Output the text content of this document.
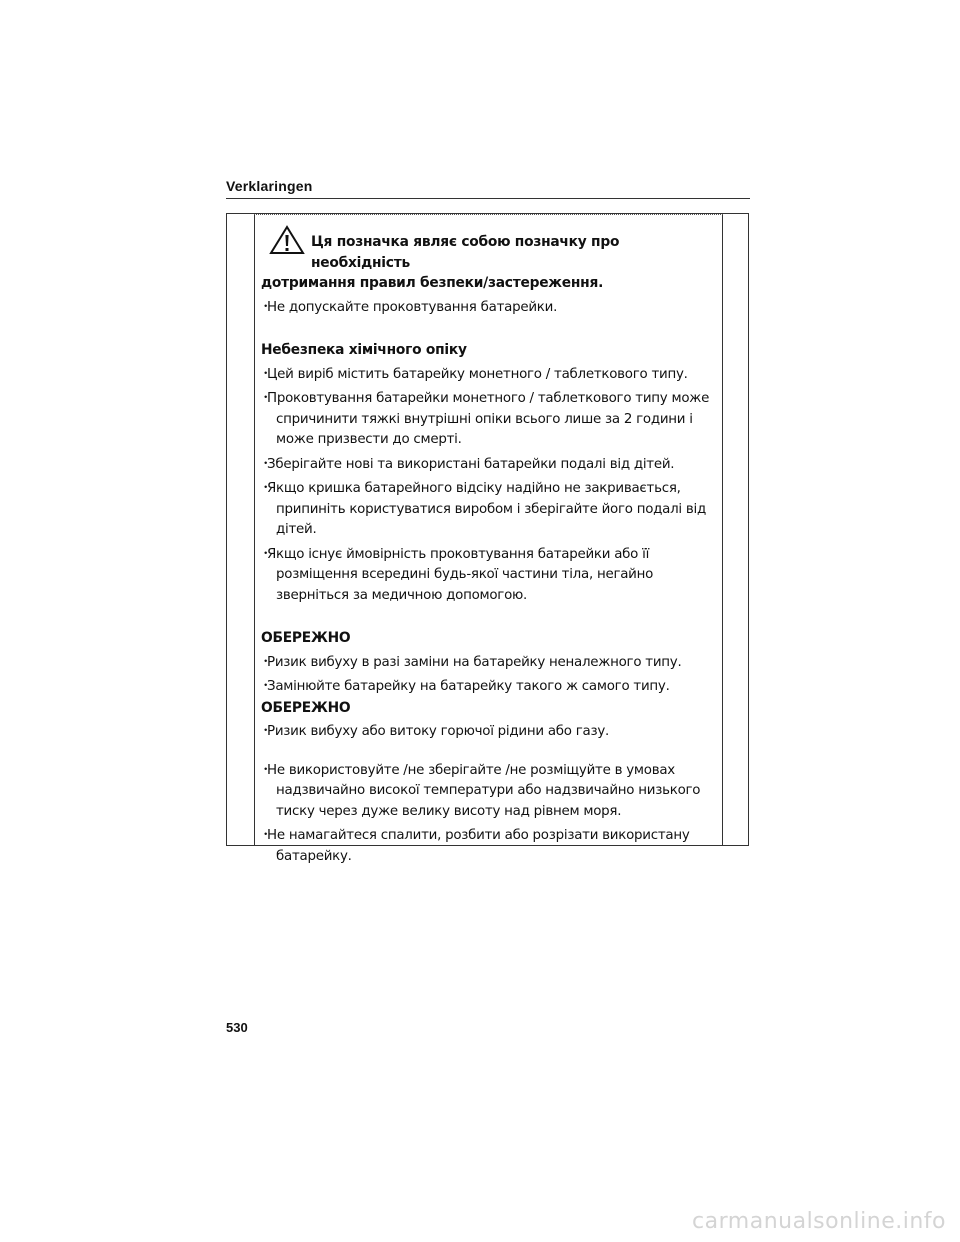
Verklaringen
Ця позначка являє собою позначку про необхідність
дотримання правил безпеки/застереження.
・ Не допускайте проковтування батарейки.
Небезпека хімічного опіку
・ Цей виріб містить батарейку монетного / таблеткового типу.
・ Проковтування батарейки монетного / таблеткового типу може
спричинити тяжкі внутрішні опіки всього лише за 2 години і
може призвести до смерті.
・ Зберігайте нові та використані батарейки подалі від дітей.
・ Якщо кришка батарейного відсіку надійно не закривається,
припиніть користуватися виробом і зберігайте його подалі від
дітей.
・ Якщо існує ймовірність проковтування батарейки або її
розміщення всередині будь-якої частини тіла, негайно
зверніться за медичною допомогою.
ОБЕРЕЖНО
・ Ризик вибуху в разі заміни на батарейку неналежного типу.
・ Замінюйте батарейку на батарейку такого ж самого типу.
ОБЕРЕЖНО
・ Ризик вибуху або витоку горючої рідини або газу.
・ Не використовуйте /не зберігайте /не розміщуйте в умовах
надзвичайно високої температури або надзвичайно низького
тиску через дуже велику висоту над рівнем моря.
・ Не намагайтеся спалити, розбити або розрізати використану
батарейку.
530
carmanualsonline.info
